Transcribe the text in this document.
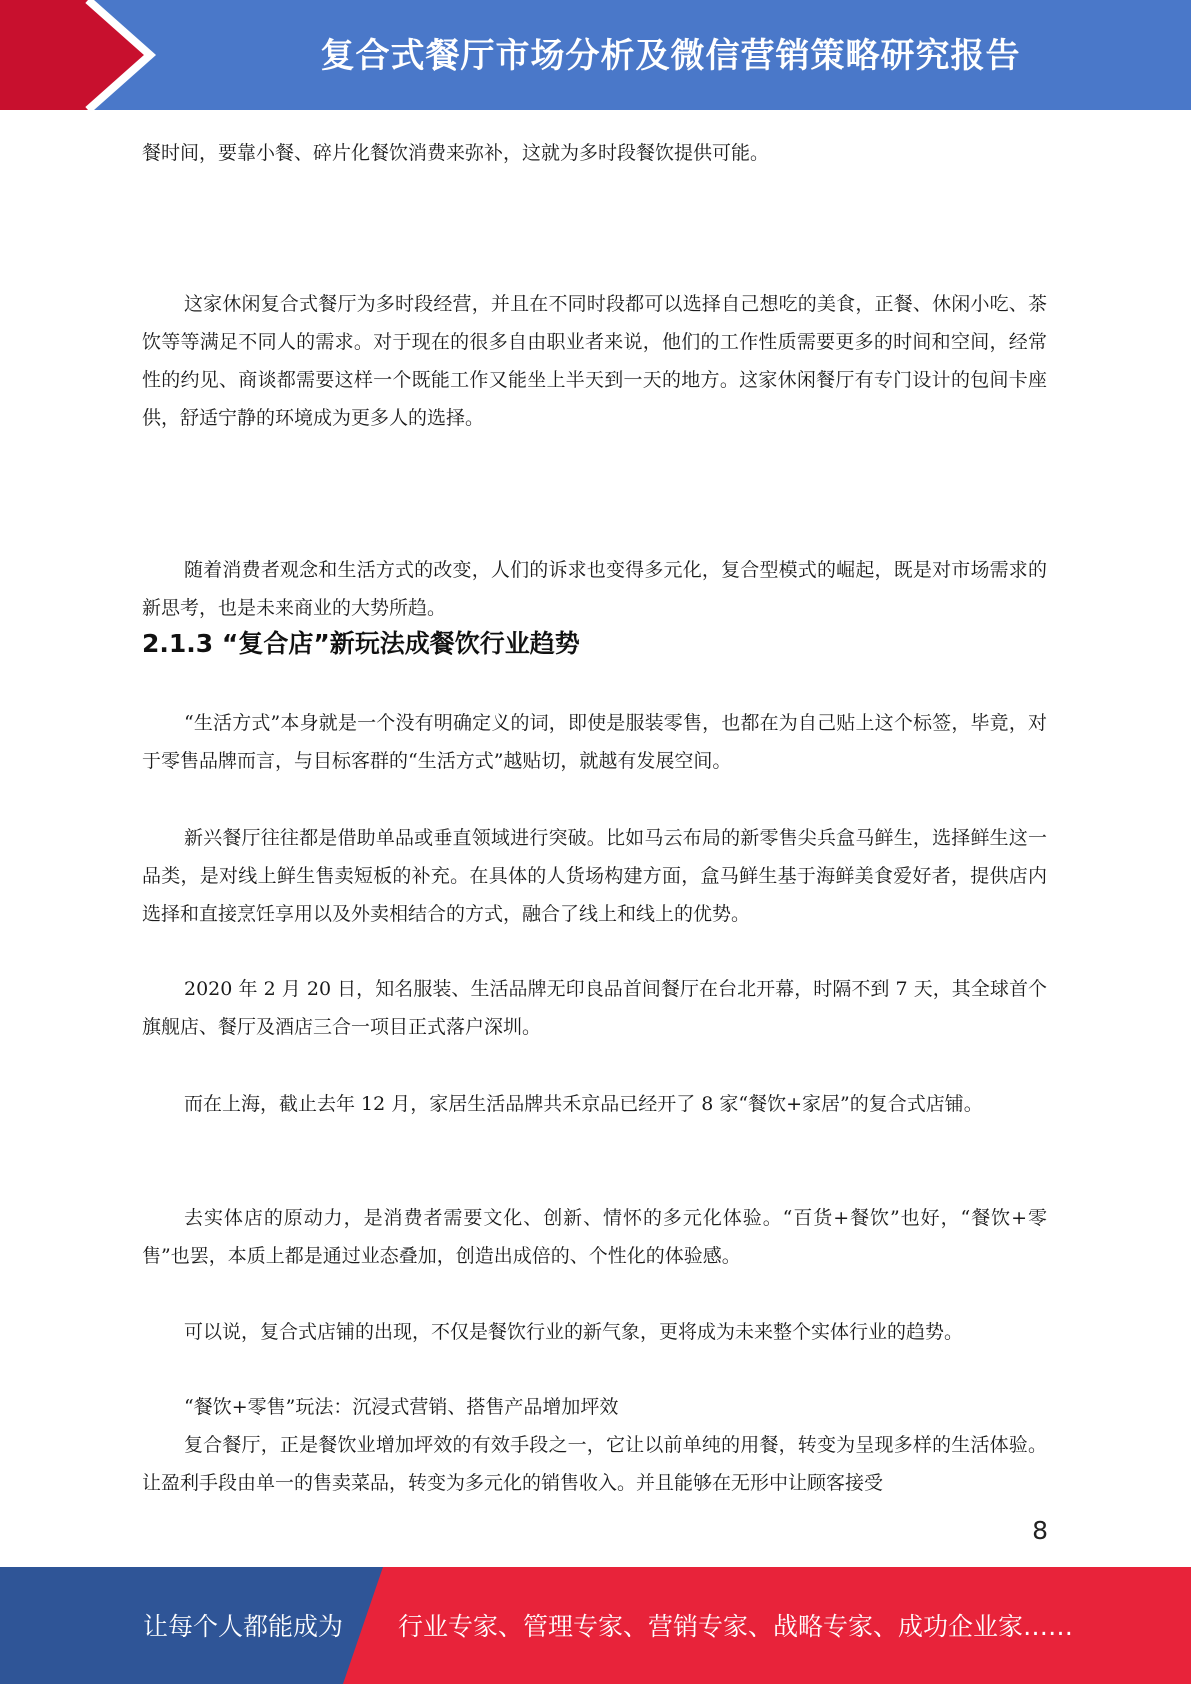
复合式餐厅市场分析及微信营销策略研究报告

餐时间，要靠小餐、碎片化餐饮消费来弥补，这就为多时段餐饮提供可能。

这家休闲复合式餐厅为多时段经营，并且在不同时段都可以选择自己想吃的美食，正餐、休闲小吃、茶饮等等满足不同人的需求。对于现在的很多自由职业者来说，他们的工作性质需要更多的时间和空间，经常性的约见、商谈都需要这样一个既能工作又能坐上半天到一天的地方。这家休闲餐厅有专门设计的包间卡座供，舒适宁静的环境成为更多人的选择。

随着消费者观念和生活方式的改变，人们的诉求也变得多元化，复合型模式的崛起，既是对市场需求的新思考，也是未来商业的大势所趋。

2.1.3 “复合店”新玩法成餐饮行业趋势

“生活方式”本身就是一个没有明确定义的词，即使是服装零售，也都在为自己贴上这个标签，毕竟，对于零售品牌而言，与目标客群的“生活方式”越贴切，就越有发展空间。

新兴餐厅往往都是借助单品或垂直领域进行突破。比如马云布局的新零售尖兵盒马鲜生，选择鲜生这一品类，是对线上鲜生售卖短板的补充。在具体的人货场构建方面，盒马鲜生基于海鲜美食爱好者，提供店内选择和直接烹饪享用以及外卖相结合的方式，融合了线上和线上的优势。

2020 年 2 月 20 日，知名服装、生活品牌无印良品首间餐厅在台北开幕，时隔不到 7 天，其全球首个旗舰店、餐厅及酒店三合一项目正式落户深圳。

而在上海，截止去年 12 月，家居生活品牌共禾京品已经开了 8 家“餐饮+家居”的复合式店铺。

去实体店的原动力，是消费者需要文化、创新、情怀的多元化体验。“百货+餐饮”也好，“餐饮+零售”也罢，本质上都是通过业态叠加，创造出成倍的、个性化的体验感。

可以说，复合式店铺的出现，不仅是餐饮行业的新气象，更将成为未来整个实体行业的趋势。

“餐饮+零售”玩法：沉浸式营销、搭售产品增加坪效

复合餐厅，正是餐饮业增加坪效的有效手段之一，它让以前单纯的用餐，转变为呈现多样的生活体验。让盈利手段由单一的售卖菜品，转变为多元化的销售收入。并且能够在无形中让顾客接受

8
让每个人都能成为 行业专家、管理专家、营销专家、战略专家、成功企业家……
